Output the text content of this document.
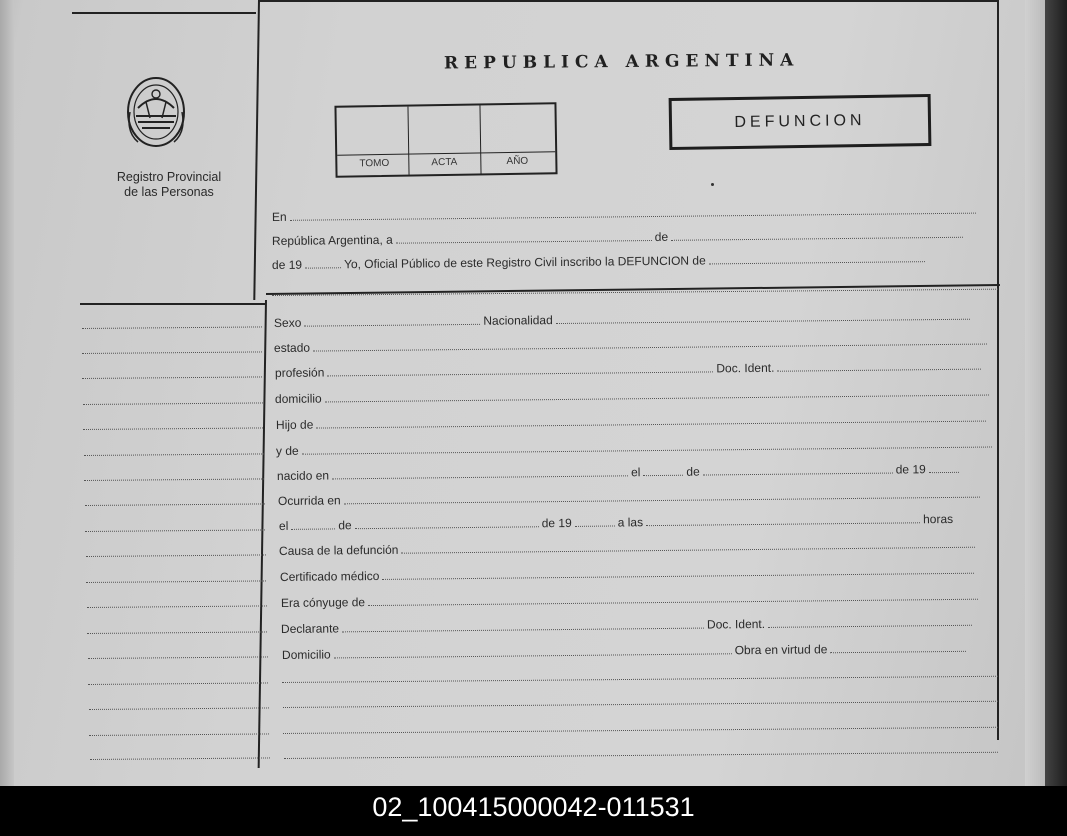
REPUBLICA ARGENTINA
Registro Provincial
de las Personas
TOMO	ACTA	AÑO
DEFUNCION
En
República Argentina, a	de
de 19	Yo, Oficial Público de este Registro Civil inscribo la DEFUNCION de
Sexo	Nacionalidad
estado
profesión	Doc. Ident.
domicilio
Hijo de
y de
nacido en	el	de	de 19
Ocurrida en
el	de	de 19	a las	horas
Causa de la defunción
Certificado médico
Era cónyuge de
Declarante	Doc. Ident.
Domicilio	Obra en virtud de
02_100415000042-011531
